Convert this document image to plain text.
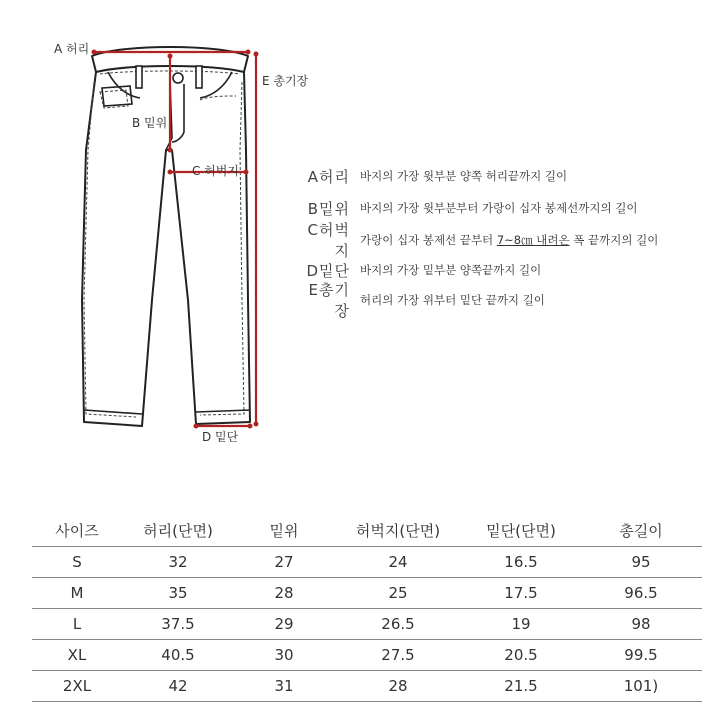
A 허리
E 총기장
B 밑위
C 허벅지
D 밑단
A허리 바지의 가장 윗부분 양쪽 허리끝까지 길이
B밑위 바지의 가장 윗부분부터 가랑이 십자 봉제선까지의 길이
C허벅지
가랑이 십자 봉제선 끝부터 7~8㎝ 내려온 폭 끝까지의 길이
D밑단 바지의 가장 밑부분 양쪽끝까지 길이
E총기장
허리의 가장 위부터 밑단 끝까지 길이
사이즈	허리(단면)	밑위	허벅지(단면)	밑단(단면)	총길이
S	32	27	24	16.5	95
M	35	28	25	17.5	96.5
L	37.5	29	26.5	19	98
XL	40.5	30	27.5	20.5	99.5
2XL	42	31	28	21.5	101)
